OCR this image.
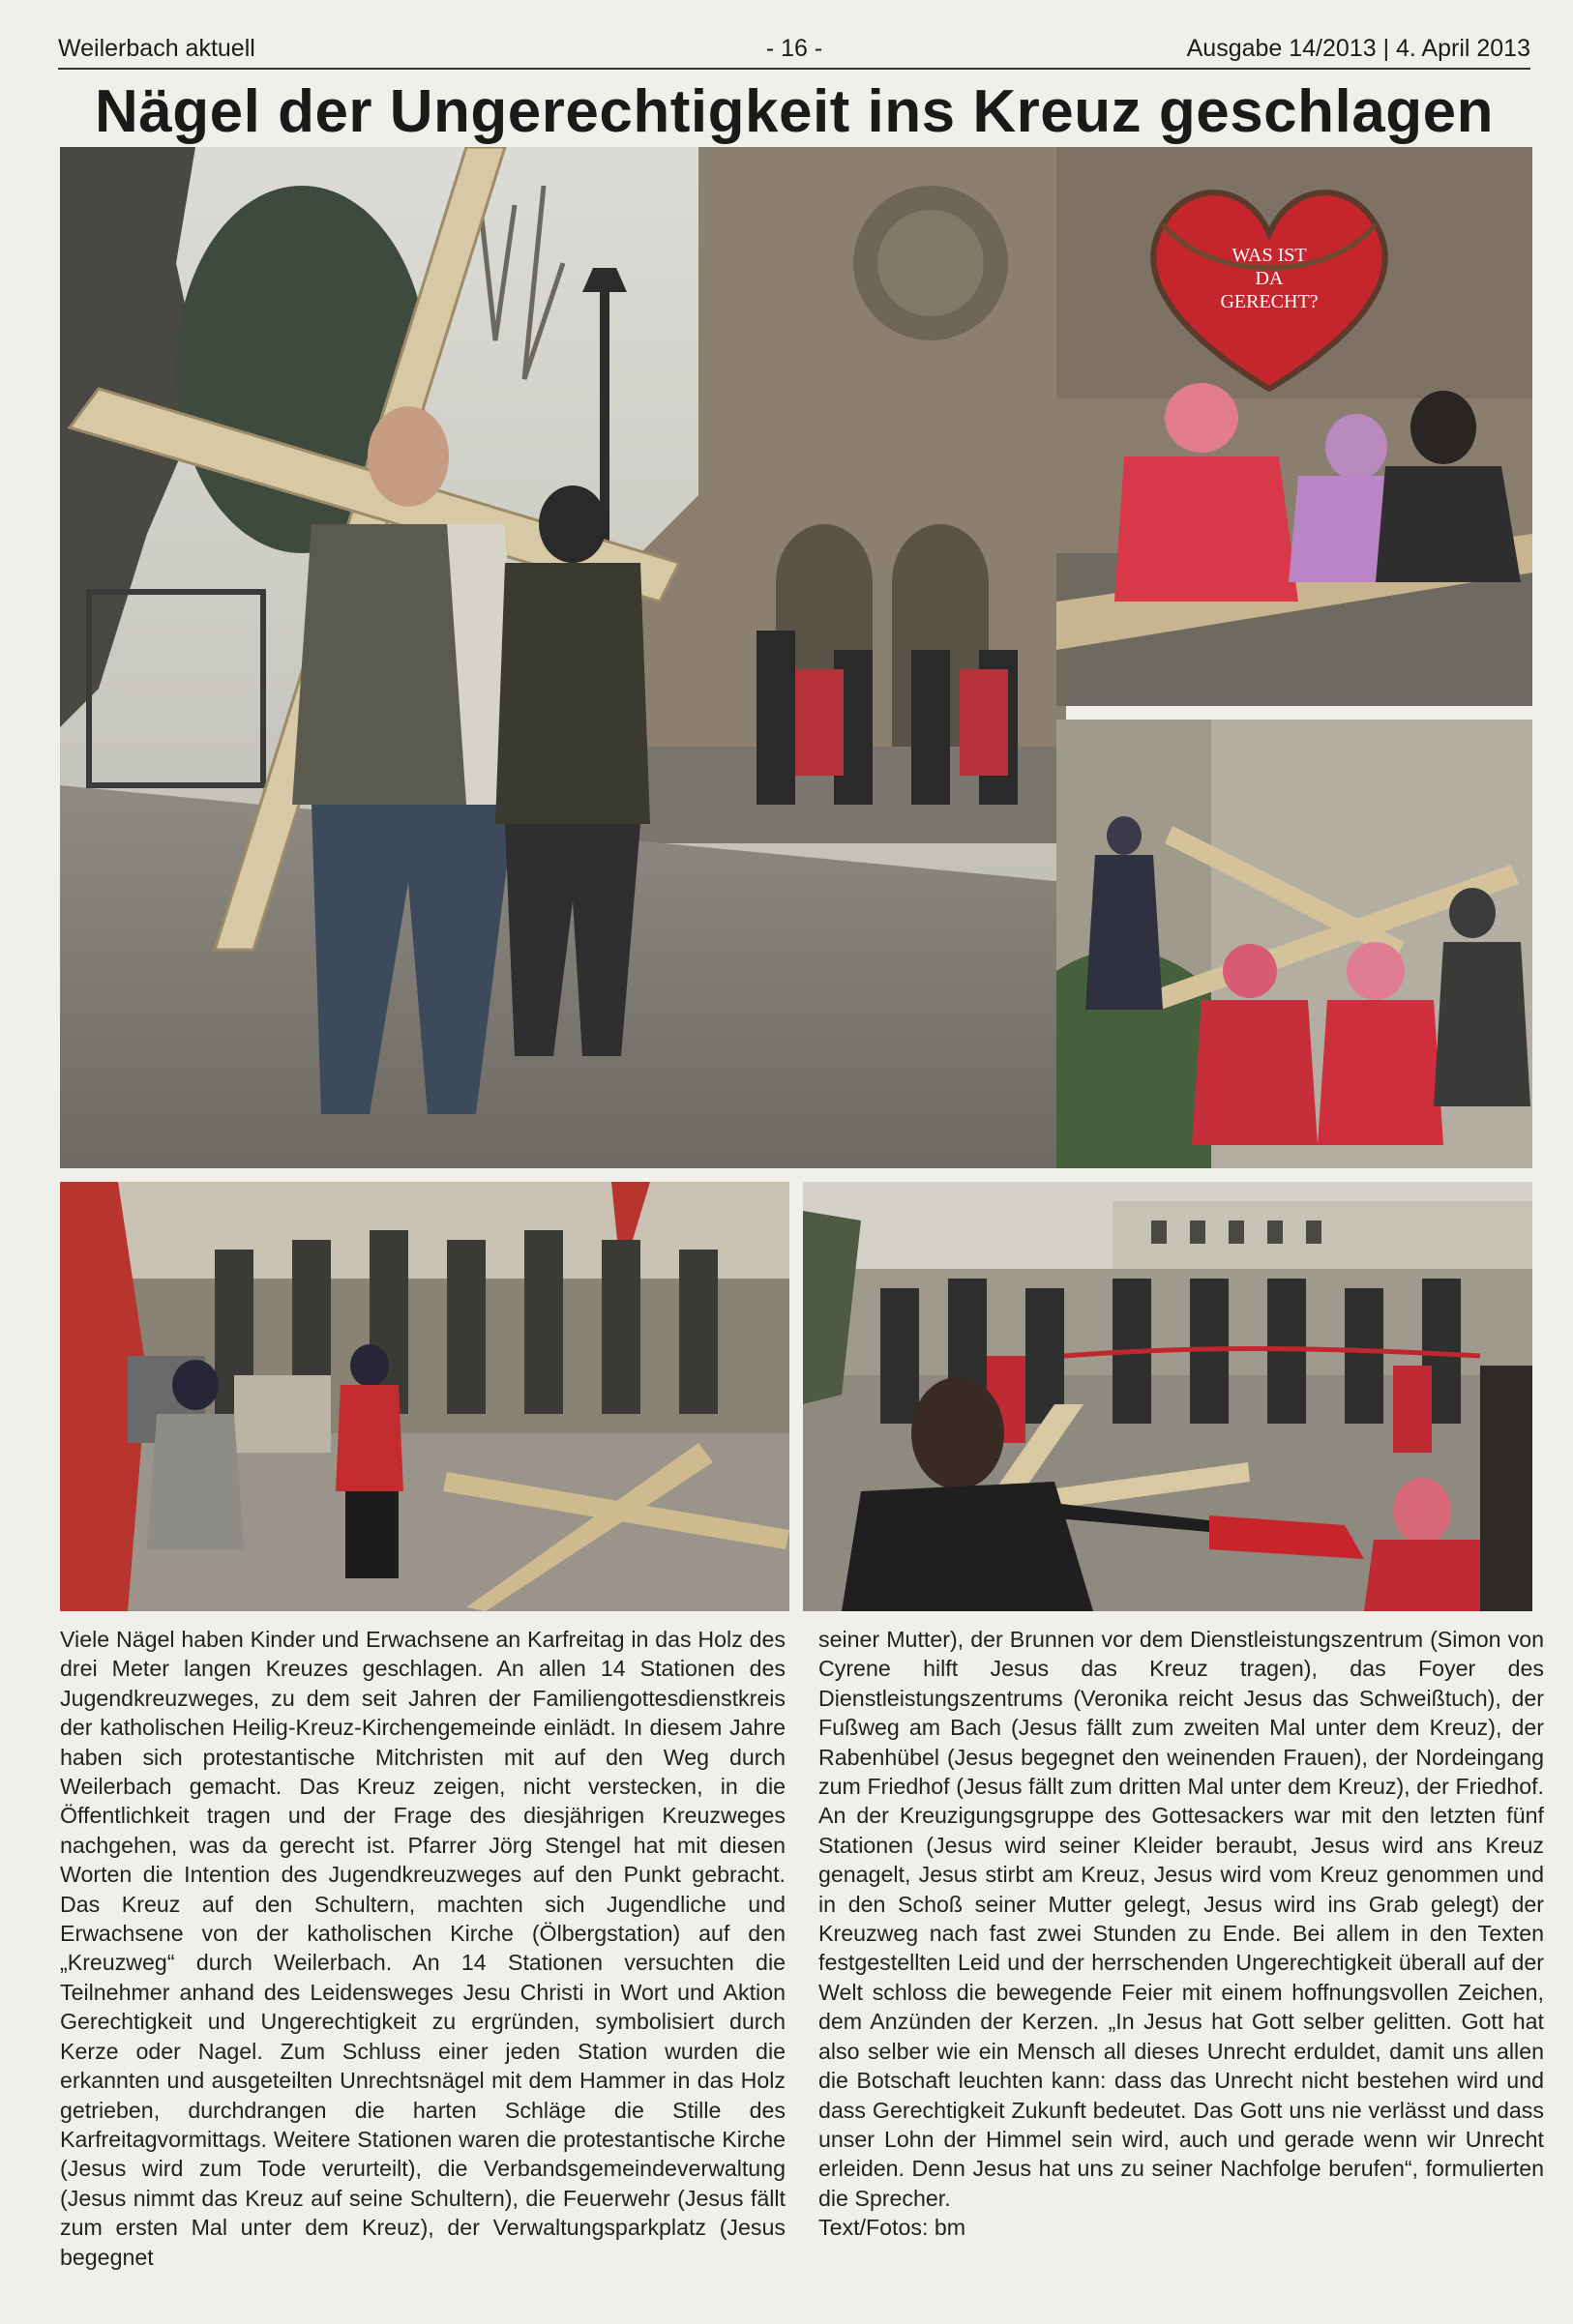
Weilerbach aktuell	- 16 -	Ausgabe 14/2013 | 4. April 2013
Nägel der Ungerechtigkeit ins Kreuz geschlagen
WAS IST
DA
GERECHT?

Viele Nägel haben Kinder und Erwachsene an Karfreitag in das Holz des drei Meter langen Kreuzes geschlagen. An allen 14 Stationen des Jugendkreuzweges, zu dem seit Jahren der Familiengottesdienstkreis der katholischen Heilig-Kreuz-Kirchengemeinde einlädt. In diesem Jahre haben sich protestantische Mitchristen mit auf den Weg durch Weilerbach gemacht. Das Kreuz zeigen, nicht verstecken, in die Öffentlichkeit tragen und der Frage des diesjährigen Kreuzweges nachgehen, was da gerecht ist. Pfarrer Jörg Stengel hat mit diesen Worten die Intention des Jugendkreuzweges auf den Punkt gebracht. Das Kreuz auf den Schultern, machten sich Jugendliche und Erwachsene von der katholischen Kirche (Ölbergstation) auf den „Kreuzweg“ durch Weilerbach. An 14 Stationen versuchten die Teilnehmer anhand des Leidensweges Jesu Christi in Wort und Aktion Gerechtigkeit und Ungerechtigkeit zu ergründen, symbolisiert durch Kerze oder Nagel. Zum Schluss einer jeden Station wurden die erkannten und ausgeteilten Unrechtsnägel mit dem Hammer in das Holz getrieben, durchdrangen die harten Schläge die Stille des Karfreitagvormittags. Weitere Stationen waren die protestantische Kirche (Jesus wird zum Tode verurteilt), die Verbandsgemeindeverwaltung (Jesus nimmt das Kreuz auf seine Schultern), die Feuerwehr (Jesus fällt zum ersten Mal unter dem Kreuz), der Verwaltungsparkplatz (Jesus begegnet

seiner Mutter), der Brunnen vor dem Dienstleistungszentrum (Simon von Cyrene hilft Jesus das Kreuz tragen), das Foyer des Dienstleistungszentrums (Veronika reicht Jesus das Schweißtuch), der Fußweg am Bach (Jesus fällt zum zweiten Mal unter dem Kreuz), der Rabenhübel (Jesus begegnet den weinenden Frauen), der Nordeingang zum Friedhof (Jesus fällt zum dritten Mal unter dem Kreuz), der Friedhof. An der Kreuzigungsgruppe des Gottesackers war mit den letzten fünf Stationen (Jesus wird seiner Kleider beraubt, Jesus wird ans Kreuz genagelt, Jesus stirbt am Kreuz, Jesus wird vom Kreuz genommen und in den Schoß seiner Mutter gelegt, Jesus wird ins Grab gelegt) der Kreuzweg nach fast zwei Stunden zu Ende. Bei allem in den Texten festgestellten Leid und der herrschenden Ungerechtigkeit überall auf der Welt schloss die bewegende Feier mit einem hoffnungsvollen Zeichen, dem Anzünden der Kerzen. „In Jesus hat Gott selber gelitten. Gott hat also selber wie ein Mensch all dieses Unrecht erduldet, damit uns allen die Botschaft leuchten kann: dass das Unrecht nicht bestehen wird und dass Gerechtigkeit Zukunft bedeutet. Das Gott uns nie verlässt und dass unser Lohn der Himmel sein wird, auch und gerade wenn wir Unrecht erleiden. Denn Jesus hat uns zu seiner Nachfolge berufen“, formulierten die Sprecher.

Text/Fotos: bm
